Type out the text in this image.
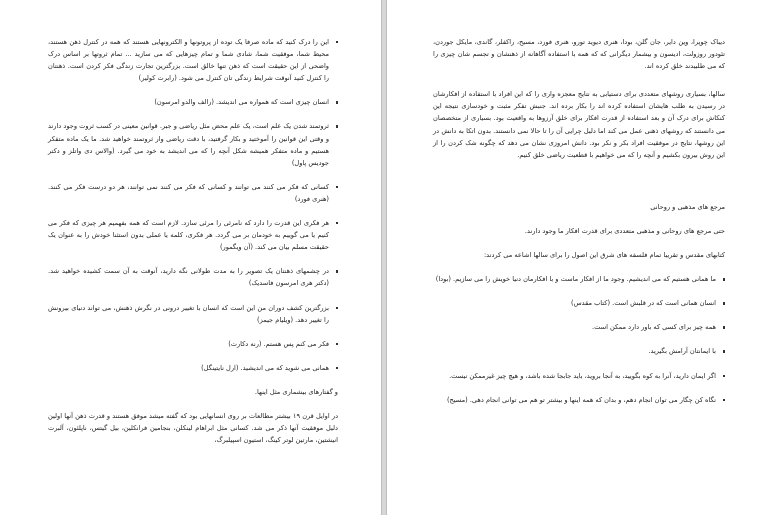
این را درک کنید که ماده صرفا یک توده از پروتونها و الکترونهایی هستند که همه در کنترل ذهن هستند، محیط شما، موفقیت شما، شادی شما و تمام چیزهایی که می سازید ... تمام ثروتها بر اساس درک واضحی از این حقیقت است که ذهن تنها خالق است. بزرگترین تجارت زندگی فکر کردن است. ذهنتان را کنترل کنید آنوقت شرایط زندگی تان کنترل می شود. (رابرت کولیر)
انسان چیزی است که همواره می اندیشد. (رالف والدو امرسون)
ثروتمند شدن یک علم است، یک علم محض مثل ریاضی و جبر. قوانین معینی در کسب ثروت وجود دارند و وقتی این قوانین را آموختید و بکار گرفتید، با دقت ریاضی وار ثروتمند خواهید شد. ما یک ماده متفکر هستیم و ماده متفکر همیشه شکل آنچه را که می اندیشد به خود می گیرد. (والاس دی واتلز و دکتر جودیس پاول)
کسانی که فکر می کنند می توانند و کسانی که فکر می کنند نمی توانند، هر دو درست فکر می کنند. (هنری فورد)
هر فکری این قدرت را دارد که نامرئی را مرئی سازد. لازم است که همه بفهمیم هر چیزی که فکر می کنیم یا می گوییم به خودمان بر می گردد. هر فکری، کلمه یا عملی بدون استثنا خودش را به عنوان یک حقیقت مسلم بیان می کند. (آن ویگمور)
در چشمهای ذهنتان یک تصویر را به مدت طولانی نگه دارید، آنوقت به آن سمت کشیده خواهید شد. (دکتر هری امرسون فاسدیک)
بزرگترین کشف دوران من این است که انسان با تغییر درونی در نگرش ذهنش، می تواند دنیای بیرونش را تغییر دهد. (ویلیام جیمز)
فکر می کنم پس هستم. (رنه دکارت)
همانی می شوید که می اندیشید. (ارل نایتینگل)

و گفتارهای بیشماری مثل اینها.

در اوایل قرن ۱۹ بیشتر مطالعات بر روی انسانهایی بود که گفته میشد موفق هستند و قدرت ذهن آنها اولین دلیل موفقیت آنها ذکر می شد. کسانی مثل ابراهام لینکلن، بنجامین فرانکلین، بیل گیتس، ناپلئون، آلبرت انیشتین، مارتین لوتر کینگ، استیون اسپیلبرگ،

دیباک چوپرا، وین دایر، جان گلن، بودا، هنری دیوید تورو، هنری فورد، مسیح، راکفلر، گاندی، مایکل جوردن، تئودور روزولت، ادیسون و بیشمار دیگرانی که که همه با استفاده آگاهانه از ذهنشان و تجسم شان چیزی را که می طلبیدند خلق کرده اند.

سالها، بسیاری روشهای متعددی برای دستیابی به نتایج معجزه واری را که این افراد با استفاده از افکارشان در رسیدن به طلب هایشان استفاده کرده اند را بکار برده اند. جنبش تفکر مثبت و خودسازی نتیجه این کنکاش برای درک آن و بعد استفاده از قدرت افکار برای خلق آرزوها به واقعیت بود. بسیاری از متخصصان می دانستند که روشهای ذهنی عمل می کند اما دلیل چرایی آن را تا حالا نمی دانستند. بدون اتکا به دانش در این روشها، نتایج در موفقیت افراد بکر و نکر بود. دانش امروزی نشان می دهد که چگونه شک کردن را از این روش بیرون بکشیم و آنچه را که می خواهیم با قطعیت ریاضی خلق کنیم.

مرجع های مذهبی و روحانی

حتی مرجع های روحانی و مذهبی متعددی برای قدرت افکار ما وجود دارند.

کتابهای مقدس و تقریبا تمام فلسفه های شرق این اصول را برای سالها اشاعه می کردند:

ما همانی هستیم که می اندیشیم. وجود ما از افکار ماست و با افکارمان دنیا خویش را می سازیم. (بودا)
انسان همانی است که در قلبش است. (کتاب مقدس)
همه چیز برای کسی که باور دارد ممکن است.
با ایمانتان آرامش بگیرید.
اگر ایمان دارید، آنرا به کوه بگویید، به آنجا بروید، باید جابجا شده باشد، و هیچ چیز غیرممکن نیست.
نگاه کن چگار می توان انجام دهم، و بدان که همه اینها و بیشتر تو هم می توانی انجام دهی. (مسیح)
